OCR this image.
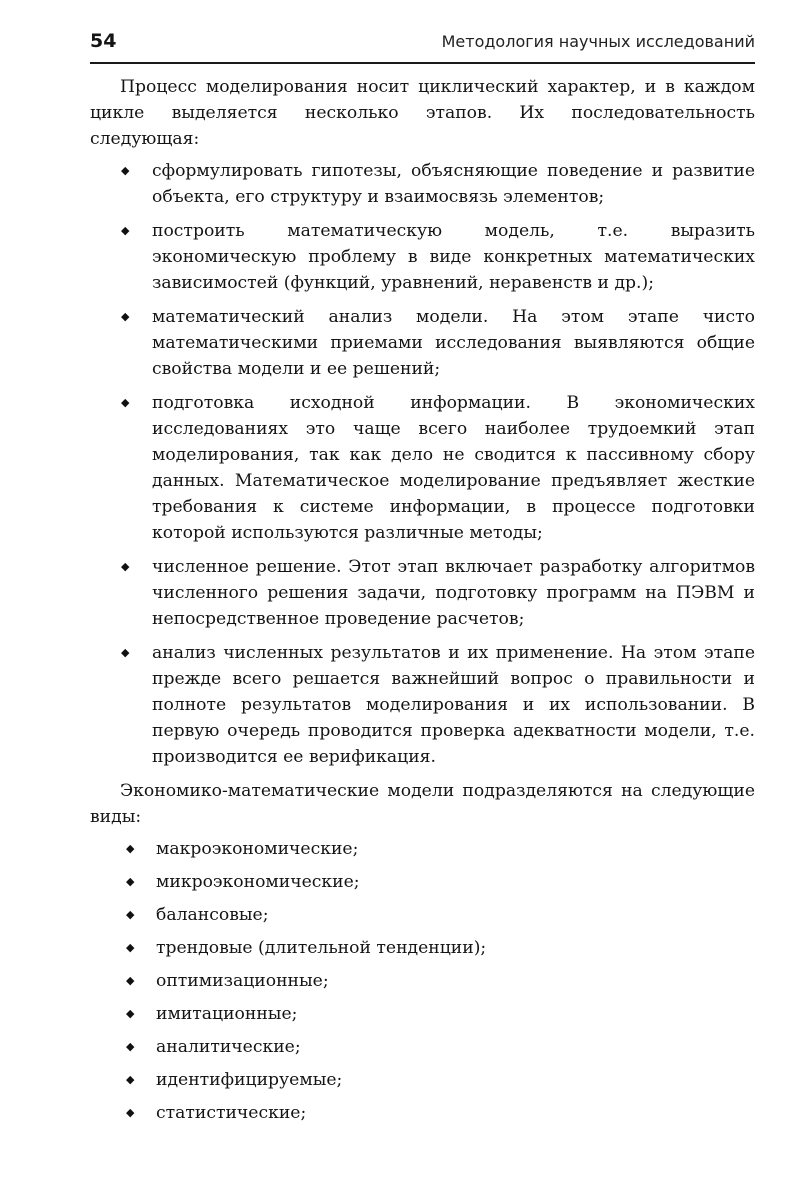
54	Методология научных исследований

Процесс моделирования носит циклический характер, и в каждом цикле выделяется несколько этапов. Их последовательность следующая:

◆ сформулировать гипотезы, объясняющие поведение и развитие объекта, его структуру и взаимосвязь элементов;
◆ построить математическую модель, т.е. выразить экономическую проблему в виде конкретных математических зависимостей (функций, уравнений, неравенств и др.);
◆ математический анализ модели. На этом этапе чисто математическими приемами исследования выявляются общие свойства модели и ее решений;
◆ подготовка исходной информации. В экономических исследованиях это чаще всего наиболее трудоемкий этап моделирования, так как дело не сводится к пассивному сбору данных. Математическое моделирование предъявляет жесткие требования к системе информации, в процессе подготовки которой используются различные методы;
◆ численное решение. Этот этап включает разработку алгоритмов численного решения задачи, подготовку программ на ПЭВМ и непосредственное проведение расчетов;
◆ анализ численных результатов и их применение. На этом этапе прежде всего решается важнейший вопрос о правильности и полноте результатов моделирования и их использовании. В первую очередь проводится проверка адекватности модели, т.е. производится ее верификация.

Экономико-математические модели подразделяются на следующие виды:

◆ макроэкономические;
◆ микроэкономические;
◆ балансовые;
◆ трендовые (длительной тенденции);
◆ оптимизационные;
◆ имитационные;
◆ аналитические;
◆ идентифицируемые;
◆ статистические;
